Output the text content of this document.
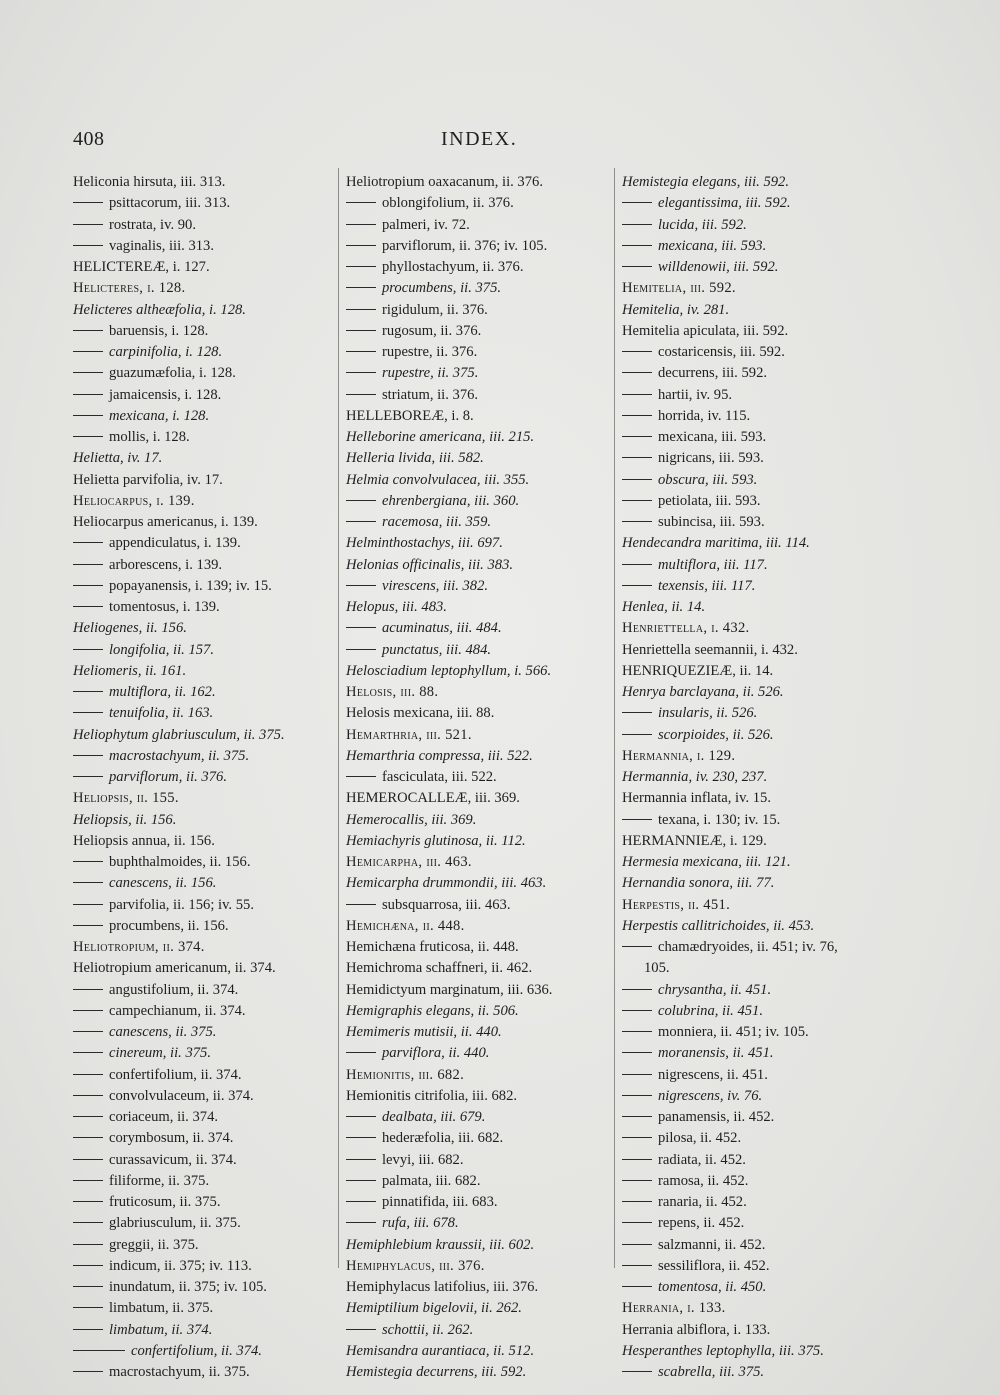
408	INDEX.
Heliconia hirsuta, iii. 313.
psittacorum, iii. 313.
rostrata, iv. 90.
vaginalis, iii. 313.
HELICTEREÆ, i. 127.
Helicteres, i. 128.
Helicteres altheæfolia, i. 128.
baruensis, i. 128.
carpinifolia, i. 128.
guazumæfolia, i. 128.
jamaicensis, i. 128.
mexicana, i. 128.
mollis, i. 128.
Helietta, iv. 17.
Helietta parvifolia, iv. 17.
Heliocarpus, i. 139.
Heliocarpus americanus, i. 139.
appendiculatus, i. 139.
arborescens, i. 139.
popayanensis, i. 139; iv. 15.
tomentosus, i. 139.
Heliogenes, ii. 156.
longifolia, ii. 157.
Heliomeris, ii. 161.
multiflora, ii. 162.
tenuifolia, ii. 163.
Heliophytum glabriusculum, ii. 375.
macrostachyum, ii. 375.
parviflorum, ii. 376.
Heliopsis, ii. 155.
Heliopsis, ii. 156.
Heliopsis annua, ii. 156.
buphthalmoides, ii. 156.
canescens, ii. 156.
parvifolia, ii. 156; iv. 55.
procumbens, ii. 156.
Heliotropium, ii. 374.
Heliotropium americanum, ii. 374.
angustifolium, ii. 374.
campechianum, ii. 374.
canescens, ii. 375.
cinereum, ii. 375.
confertifolium, ii. 374.
convolvulaceum, ii. 374.
coriaceum, ii. 374.
corymbosum, ii. 374.
curassavicum, ii. 374.
filiforme, ii. 375.
fruticosum, ii. 375.
glabriusculum, ii. 375.
greggii, ii. 375.
indicum, ii. 375; iv. 113.
inundatum, ii. 375; iv. 105.
limbatum, ii. 375.
limbatum, ii. 374.
confertifolium, ii. 374.
macrostachyum, ii. 375.
Heliotropium oaxacanum, ii. 376.
oblongifolium, ii. 376.
palmeri, iv. 72.
parviflorum, ii. 376; iv. 105.
phyllostachyum, ii. 376.
procumbens, ii. 375.
rigidulum, ii. 376.
rugosum, ii. 376.
rupestre, ii. 376.
rupestre, ii. 375.
striatum, ii. 376.
HELLEBOREÆ, i. 8.
Helleborine americana, iii. 215.
Helleria livida, iii. 582.
Helmia convolvulacea, iii. 355.
ehrenbergiana, iii. 360.
racemosa, iii. 359.
Helminthostachys, iii. 697.
Helonias officinalis, iii. 383.
virescens, iii. 382.
Helopus, iii. 483.
acuminatus, iii. 484.
punctatus, iii. 484.
Helosciadium leptophyllum, i. 566.
Helosis, iii. 88.
Helosis mexicana, iii. 88.
Hemarthria, iii. 521.
Hemarthria compressa, iii. 522.
fasciculata, iii. 522.
HEMEROCALLEÆ, iii. 369.
Hemerocallis, iii. 369.
Hemiachyris glutinosa, ii. 112.
Hemicarpha, iii. 463.
Hemicarpha drummondii, iii. 463.
subsquarrosa, iii. 463.
Hemichæna, ii. 448.
Hemichæna fruticosa, ii. 448.
Hemichroma schaffneri, ii. 462.
Hemidictyum marginatum, iii. 636.
Hemigraphis elegans, ii. 506.
Hemimeris mutisii, ii. 440.
parviflora, ii. 440.
Hemionitis, iii. 682.
Hemionitis citrifolia, iii. 682.
dealbata, iii. 679.
hederæfolia, iii. 682.
levyi, iii. 682.
palmata, iii. 682.
pinnatifida, iii. 683.
rufa, iii. 678.
Hemiphlebium kraussii, iii. 602.
Hemiphylacus, iii. 376.
Hemiphylacus latifolius, iii. 376.
Hemiptilium bigelovii, ii. 262.
schottii, ii. 262.
Hemisandra aurantiaca, ii. 512.
Hemistegia decurrens, iii. 592.
Hemistegia elegans, iii. 592.
elegantissima, iii. 592.
lucida, iii. 592.
mexicana, iii. 593.
willdenowii, iii. 592.
Hemitelia, iii. 592.
Hemitelia, iv. 281.
Hemitelia apiculata, iii. 592.
costaricensis, iii. 592.
decurrens, iii. 592.
hartii, iv. 95.
horrida, iv. 115.
mexicana, iii. 593.
nigricans, iii. 593.
obscura, iii. 593.
petiolata, iii. 593.
subincisa, iii. 593.
Hendecandra maritima, iii. 114.
multiflora, iii. 117.
texensis, iii. 117.
Henlea, ii. 14.
Henriettella, i. 432.
Henriettella seemannii, i. 432.
HENRIQUEZIEÆ, ii. 14.
Henrya barclayana, ii. 526.
insularis, ii. 526.
scorpioides, ii. 526.
Hermannia, i. 129.
Hermannia, iv. 230, 237.
Hermannia inflata, iv. 15.
texana, i. 130; iv. 15.
HERMANNIEÆ, i. 129.
Hermesia mexicana, iii. 121.
Hernandia sonora, iii. 77.
Herpestis, ii. 451.
Herpestis callitrichoides, ii. 453.
chamædryoides, ii. 451; iv. 76,
105.
chrysantha, ii. 451.
colubrina, ii. 451.
monniera, ii. 451; iv. 105.
moranensis, ii. 451.
nigrescens, ii. 451.
nigrescens, iv. 76.
panamensis, ii. 452.
pilosa, ii. 452.
radiata, ii. 452.
ramosa, ii. 452.
ranaria, ii. 452.
repens, ii. 452.
salzmanni, ii. 452.
sessiliflora, ii. 452.
tomentosa, ii. 450.
Herrania, i. 133.
Herrania albiflora, i. 133.
Hesperanthes leptophylla, iii. 375.
scabrella, iii. 375.
